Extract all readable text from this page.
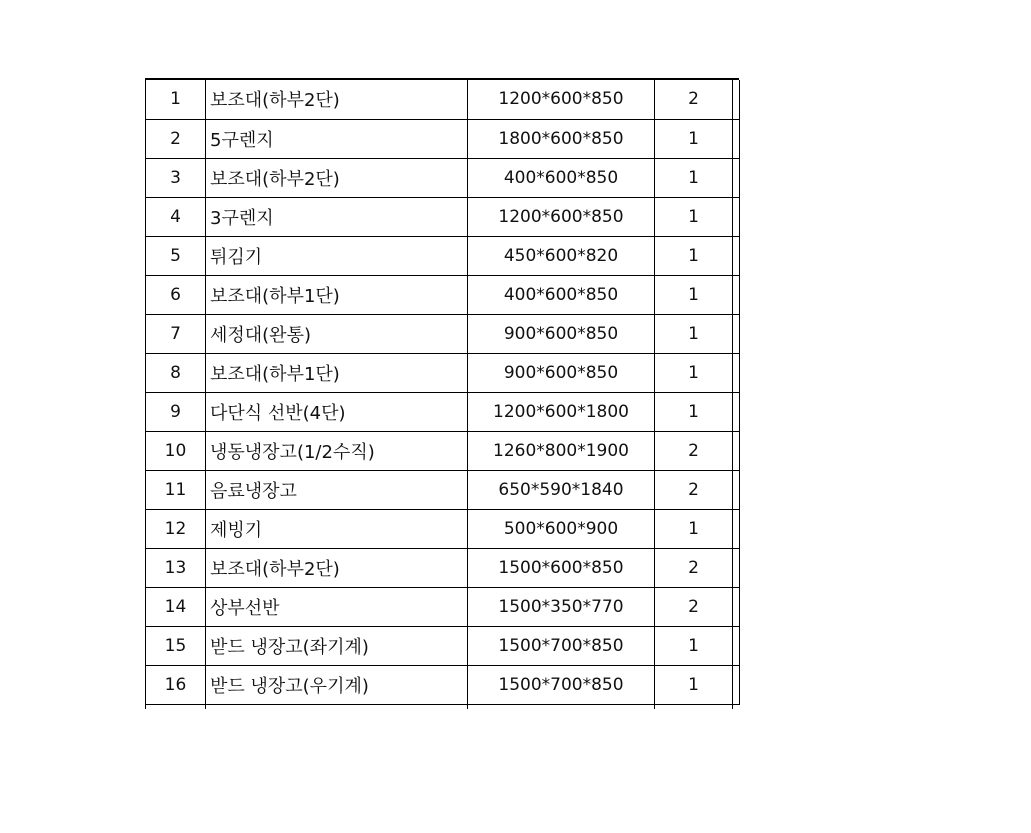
1	보조대(하부2단)	1200*600*850	2	
2	5구렌지	1800*600*850	1	
3	보조대(하부2단)	400*600*850	1	
4	3구렌지	1200*600*850	1	
5	튀김기	450*600*820	1	
6	보조대(하부1단)	400*600*850	1	
7	세정대(완통)	900*600*850	1	
8	보조대(하부1단)	900*600*850	1	
9	다단식 선반(4단)	1200*600*1800	1	
10	냉동냉장고(1/2수직)	1260*800*1900	2	
11	음료냉장고	650*590*1840	2	
12	제빙기	500*600*900	1	
13	보조대(하부2단)	1500*600*850	2	
14	상부선반	1500*350*770	2	
15	받드 냉장고(좌기계)	1500*700*850	1	
16	받드 냉장고(우기계)	1500*700*850	1	
